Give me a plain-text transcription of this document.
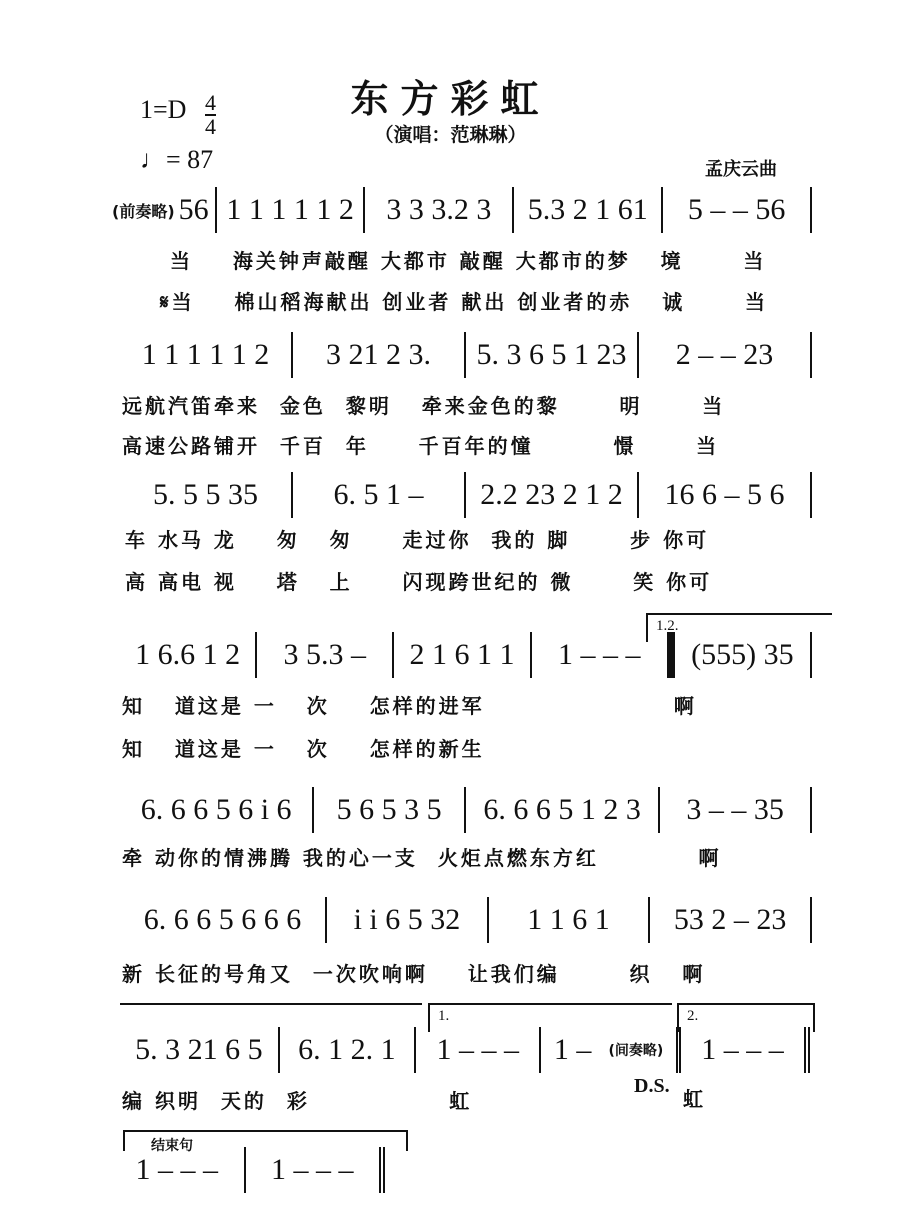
东方彩虹
（演唱：范琳琳）
1=D 4
4
♩= 87	孟庆云曲
(前奏略) 56 1 1 1 1 1 2	3 3 3.2 3	5.3 2 1 61	5 – – 56
当    海关钟声敲醒 大都市 敲醒 大都市的梦   境      当
𝄋当    棉山稻海献出 创业者 献出 创业者的赤   诚      当
1 1 1 1 1 2	3 21 2 3.	5. 3 6 5 1 23	2 – – 23
远航汽笛牵来  金色  黎明   牵来金色的黎      明      当
高速公路铺开  千百  年     千百年的憧        憬      当
5. 5 5 35	6. 5 1 –	2.2 23 2 1 2	16 6 – 5 6
车 水马 龙    匆   匆     走过你  我的 脚      步 你可
高 高电 视    塔   上     闪现跨世纪的 微      笑 你可
1.2.
1 6.6 1 2	3 5.3 –	2 1 6 1 1	1 – – –	(555) 35
知   道这是 一   次    怎样的进军                   啊
知   道这是 一   次    怎样的新生
6. 6 6 5 6 i 6	5 6 5 3 5	6. 6 6 5 1 2 3	3 – – 35
牵 动你的情沸腾 我的心一支  火炬点燃东方红          啊
6. 6 6 5 6 6 6	i i 6 5 32	1 1 6 1	53 2 – 23
新 长征的号角又  一次吹响啊    让我们编       织   啊
1.	2.
5. 3 21 6 5	6. 1 2. 1	1 – – –	1 – (间奏略)	1 – – –
编 织明  天的  彩              虹
D.S.
虹
结束句
1 – – –	1 – – –
